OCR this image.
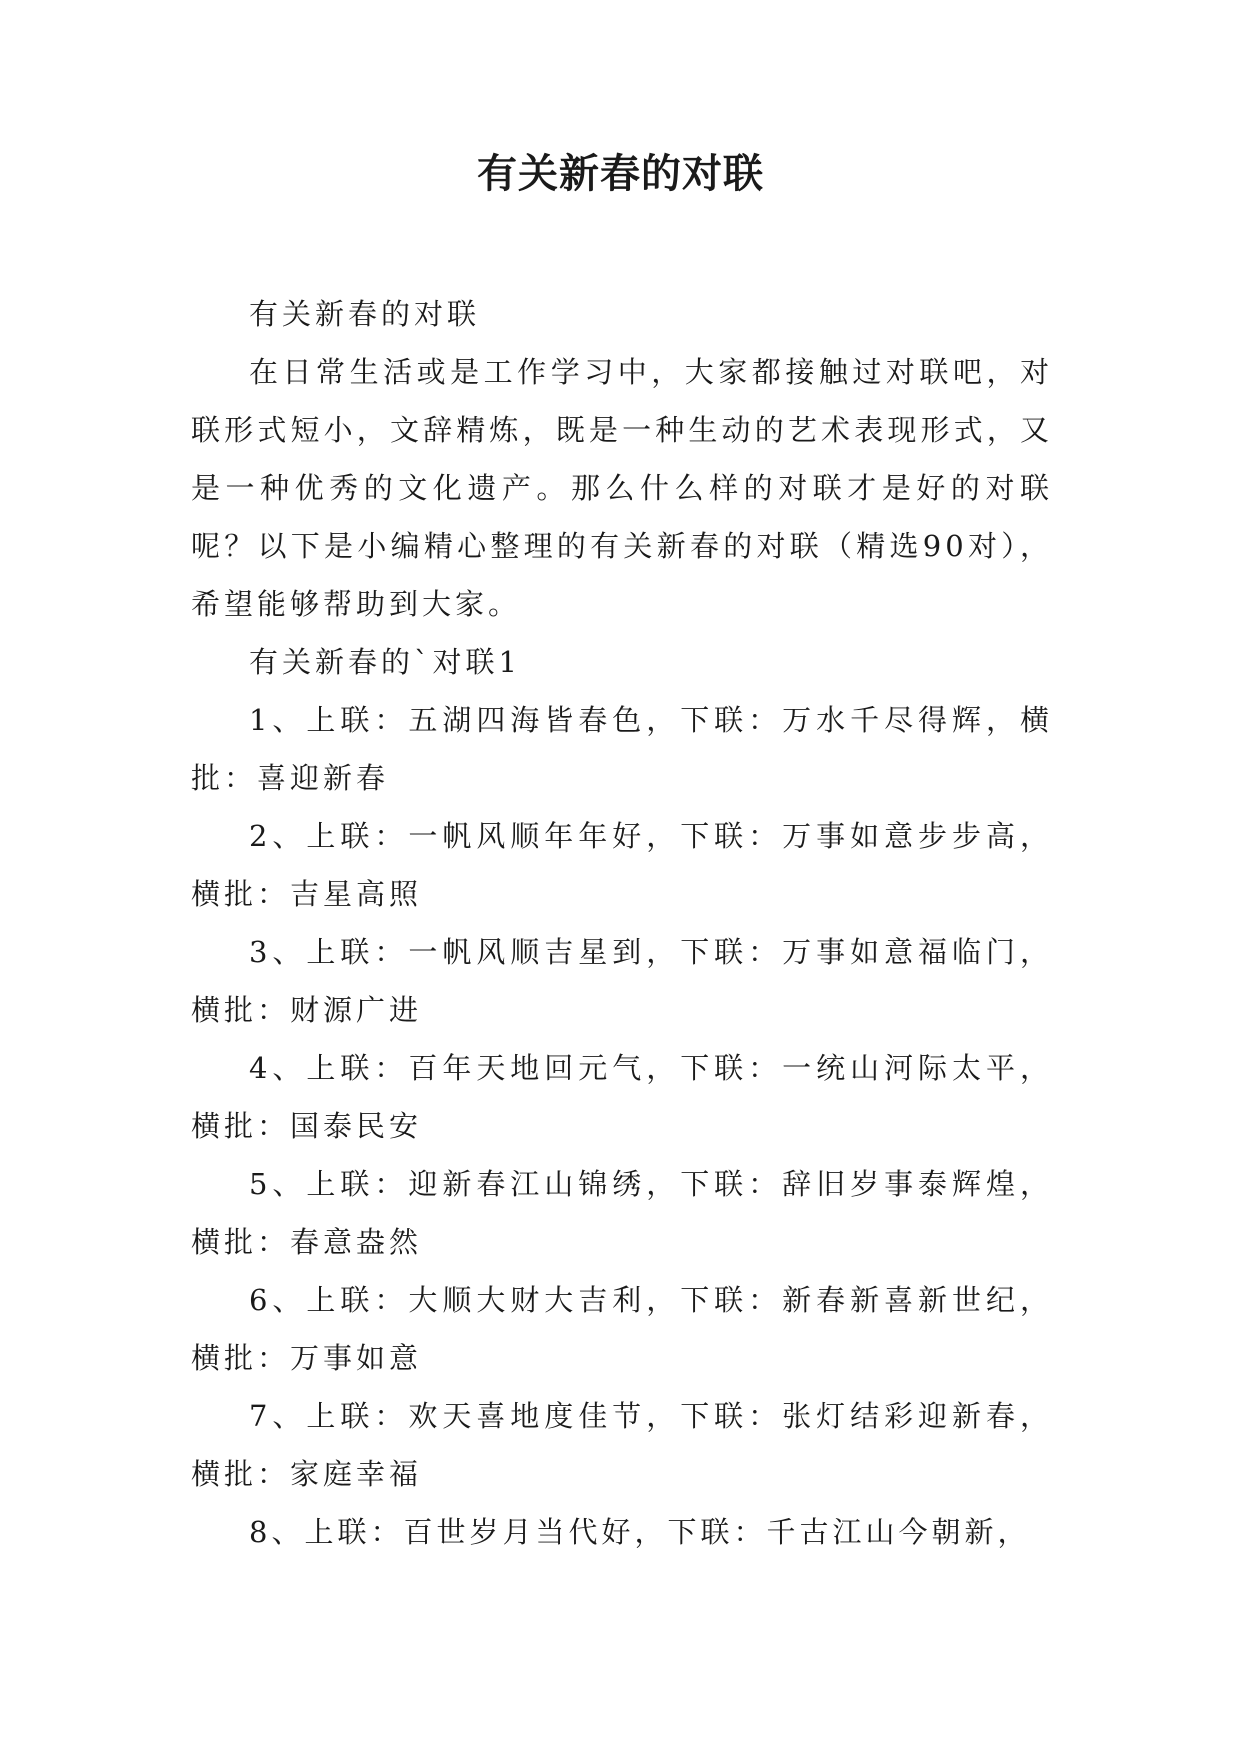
有关新春的对联

有关新春的对联

在日常生活或是工作学习中，大家都接触过对联吧，对联形式短小，文辞精炼，既是一种生动的艺术表现形式，又是一种优秀的文化遗产。那么什么样的对联才是好的对联呢？以下是小编精心整理的有关新春的对联（精选90对），希望能够帮助到大家。

有关新春的`对联1

1、上联：五湖四海皆春色，下联：万水千尽得辉，横批：喜迎新春

2、上联：一帆风顺年年好，下联：万事如意步步高，横批：吉星高照

3、上联：一帆风顺吉星到，下联：万事如意福临门，横批：财源广进

4、上联：百年天地回元气，下联：一统山河际太平，横批：国泰民安

5、上联：迎新春江山锦绣，下联：辞旧岁事泰辉煌，横批：春意盎然

6、上联：大顺大财大吉利，下联：新春新喜新世纪，横批：万事如意

7、上联：欢天喜地度佳节，下联：张灯结彩迎新春，横批：家庭幸福

8、上联：百世岁月当代好，下联：千古江山今朝新，
